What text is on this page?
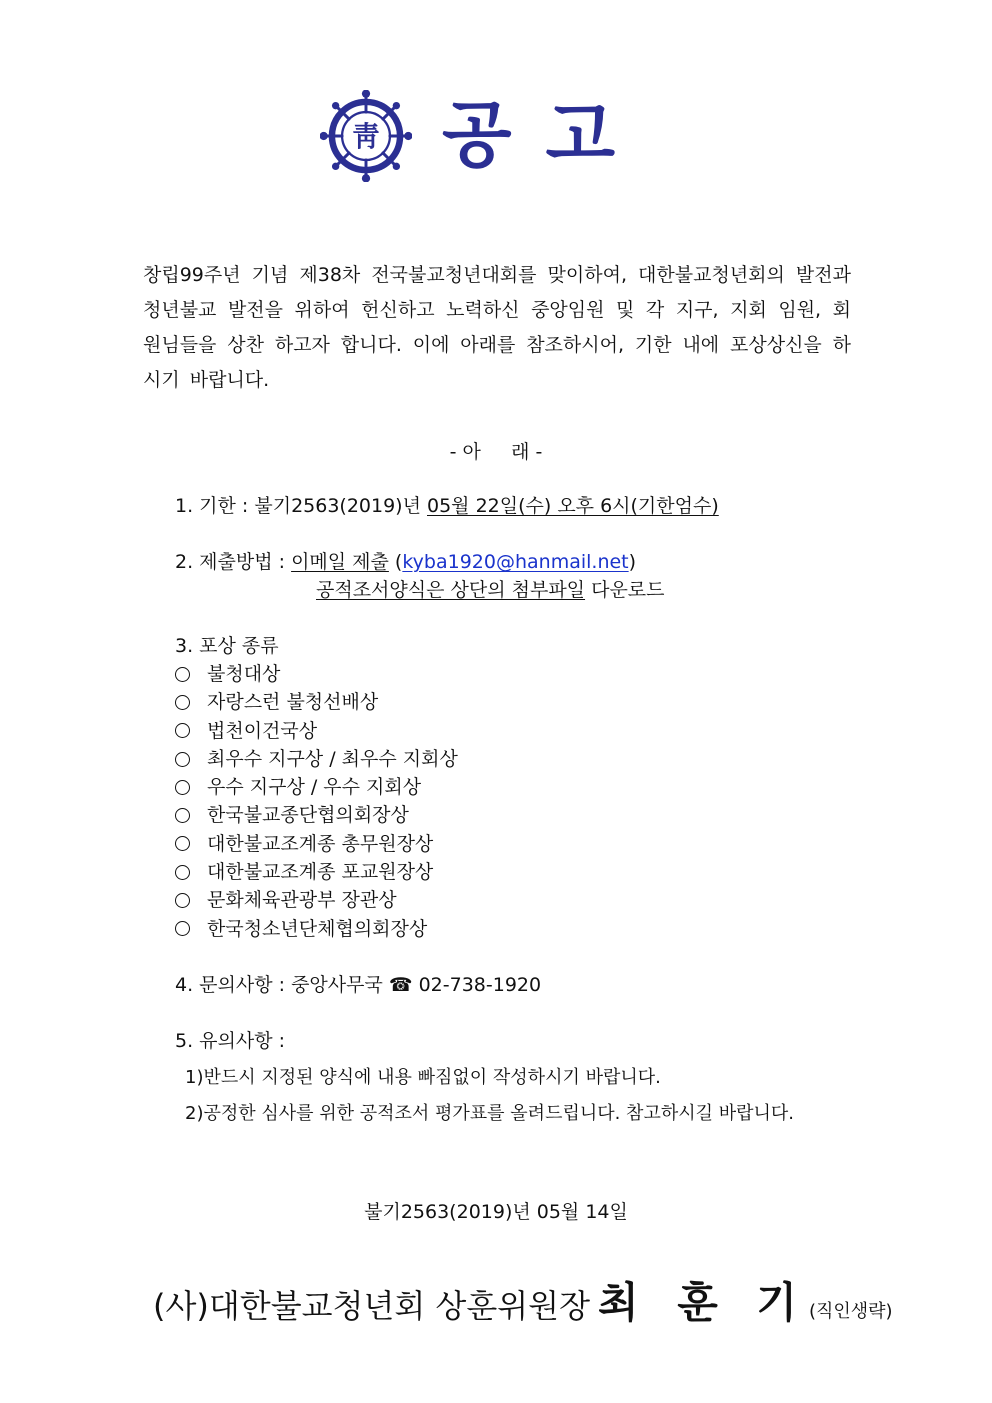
靑 공고

창립99주년 기념 제38차 전국불교청년대회를 맞이하여, 대한불교청년회의 발전과 청년불교 발전을 위하여 헌신하고 노력하신 중앙임원 및 각 지구, 지회 임원, 회원님들을 상찬 하고자 합니다. 이에 아래를 참조하시어, 기한 내에 포상상신을 하시기 바랍니다.

- 아     래 -
1. 기한 : 불기2563(2019)년 05월 22일(수) 오후 6시(기한엄수)
2. 제출방법 : 이메일 제출 (kyba1920@hanmail.net)
공적조서양식은 상단의 첨부파일 다운로드
3. 포상 종류
불청대상
자랑스런 불청선배상
법천이건국상
최우수 지구상 / 최우수 지회상
우수 지구상 / 우수 지회상
한국불교종단협의회장상
대한불교조계종 총무원장상
대한불교조계종 포교원장상
문화체육관광부 장관상
한국청소년단체협의회장상
4. 문의사항 : 중앙사무국 ☎ 02-738-1920
5. 유의사항 :
1)반드시 지정된 양식에 내용 빠짐없이 작성하시기 바랍니다.
2)공정한 심사를 위한 공적조서 평가표를 올려드립니다. 참고하시길 바랍니다.
불기2563(2019)년 05월 14일
(사)대한불교청년회 상훈위원장 최 훈 기(직인생략)
